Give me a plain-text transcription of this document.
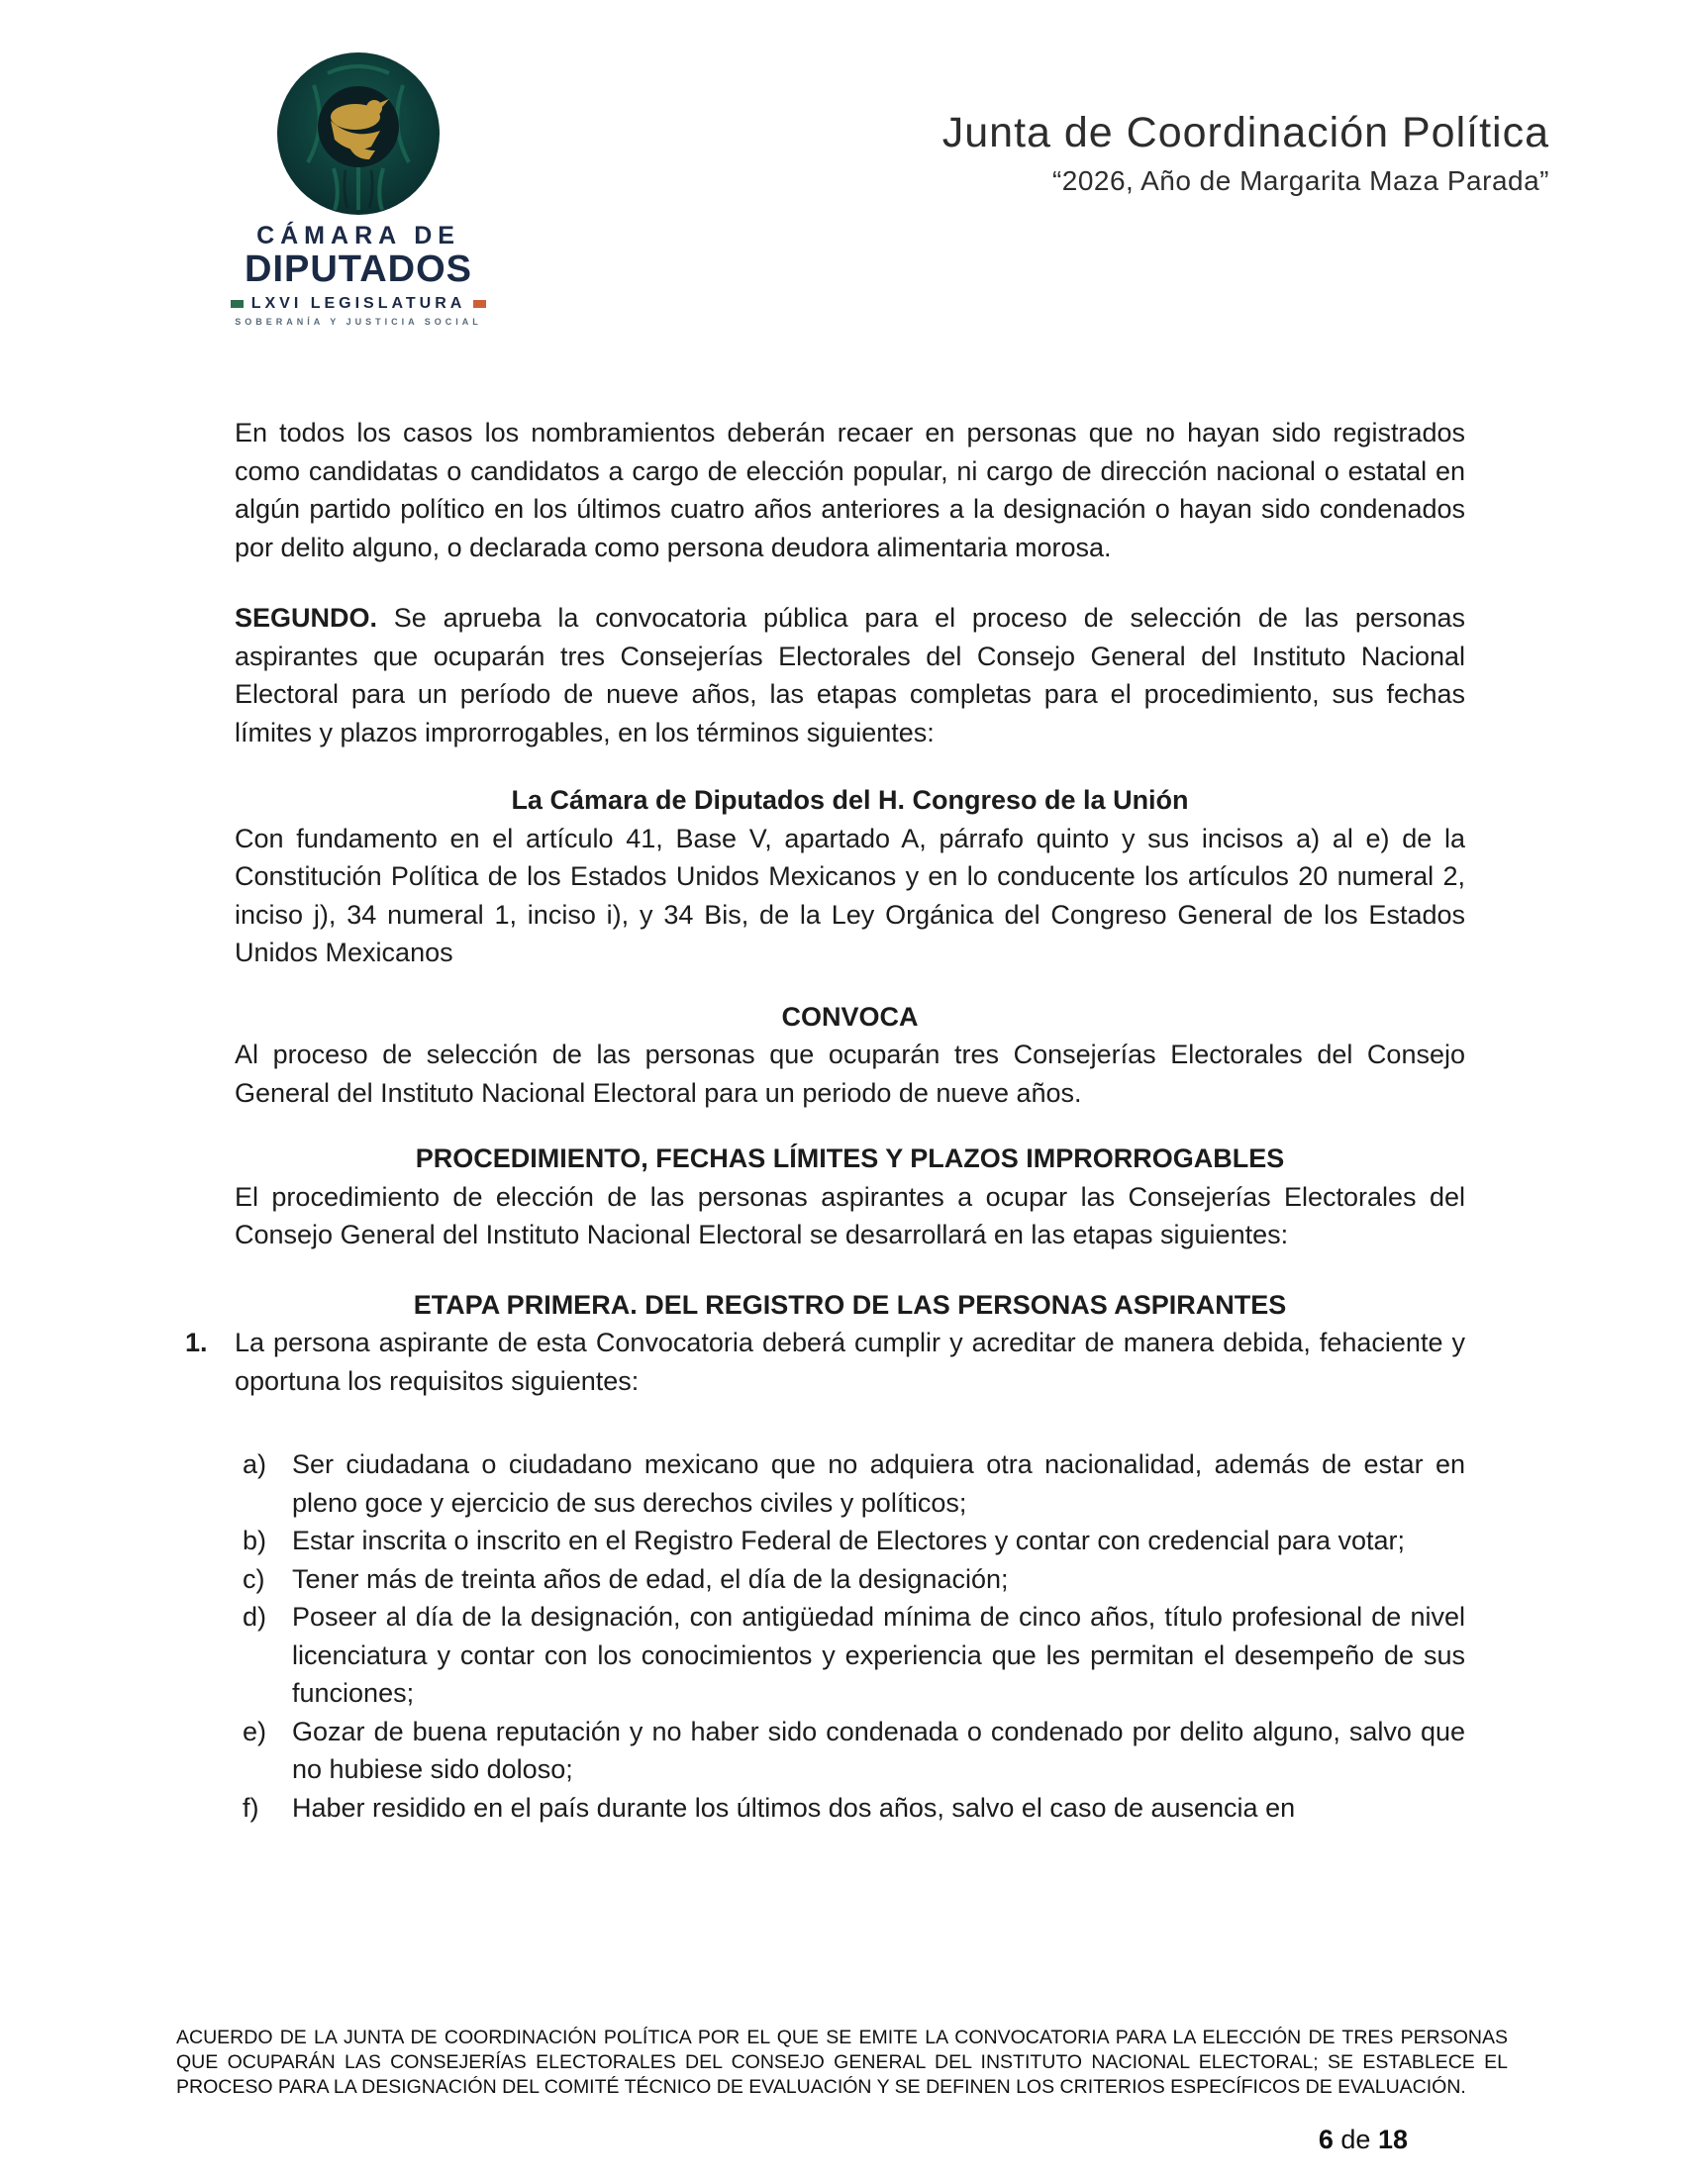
CÁMARA DE
DIPUTADOS
LXVI LEGISLATURA
SOBERANÍA Y JUSTICIA SOCIAL
Junta de Coordinación Política
“2026, Año de Margarita Maza Parada”

En todos los casos los nombramientos deberán recaer en personas que no hayan sido registrados como candidatas o candidatos a cargo de elección popular, ni cargo de dirección nacional o estatal en algún partido político en los últimos cuatro años anteriores a la designación o hayan sido condenados por delito alguno, o declarada como persona deudora alimentaria morosa.

SEGUNDO. Se aprueba la convocatoria pública para el proceso de selección de las personas aspirantes que ocuparán tres Consejerías Electorales del Consejo General del Instituto Nacional Electoral para un período de nueve años, las etapas completas para el procedimiento, sus fechas límites y plazos improrrogables, en los términos siguientes:

La Cámara de Diputados del H. Congreso de la Unión

Con fundamento en el artículo 41, Base V, apartado A, párrafo quinto y sus incisos a) al e) de la Constitución Política de los Estados Unidos Mexicanos y en lo conducente los artículos 20 numeral 2, inciso j), 34 numeral 1, inciso i), y 34 Bis, de la Ley Orgánica del Congreso General de los Estados Unidos Mexicanos

CONVOCA

Al proceso de selección de las personas que ocuparán tres Consejerías Electorales del Consejo General del Instituto Nacional Electoral para un periodo de nueve años.

PROCEDIMIENTO, FECHAS LÍMITES Y PLAZOS IMPRORROGABLES

El procedimiento de elección de las personas aspirantes a ocupar las Consejerías Electorales del Consejo General del Instituto Nacional Electoral se desarrollará en las etapas siguientes:

ETAPA PRIMERA. DEL REGISTRO DE LAS PERSONAS ASPIRANTES

1. La persona aspirante de esta Convocatoria deberá cumplir y acreditar de manera debida, fehaciente y oportuna los requisitos siguientes:
a) Ser ciudadana o ciudadano mexicano que no adquiera otra nacionalidad, además de estar en pleno goce y ejercicio de sus derechos civiles y políticos;
b) Estar inscrita o inscrito en el Registro Federal de Electores y contar con credencial para votar;
c)	Tener más de treinta años de edad, el día de la designación;
d) Poseer al día de la designación, con antigüedad mínima de cinco años, título profesional de nivel licenciatura y contar con los conocimientos y experiencia que les permitan el desempeño de sus funciones;
e) Gozar de buena reputación y no haber sido condenada o condenado por delito alguno, salvo que no hubiese sido doloso;
f)	Haber residido en el país durante los últimos dos años, salvo el caso de ausencia en
ACUERDO DE LA JUNTA DE COORDINACIÓN POLÍTICA POR EL QUE SE EMITE LA CONVOCATORIA PARA LA ELECCIÓN DE TRES PERSONAS QUE OCUPARÁN LAS CONSEJERÍAS ELECTORALES DEL CONSEJO GENERAL DEL INSTITUTO NACIONAL ELECTORAL; SE ESTABLECE EL PROCESO PARA LA DESIGNACIÓN DEL COMITÉ TÉCNICO DE EVALUACIÓN Y SE DEFINEN LOS CRITERIOS ESPECÍFICOS DE EVALUACIÓN.
6 de 18
